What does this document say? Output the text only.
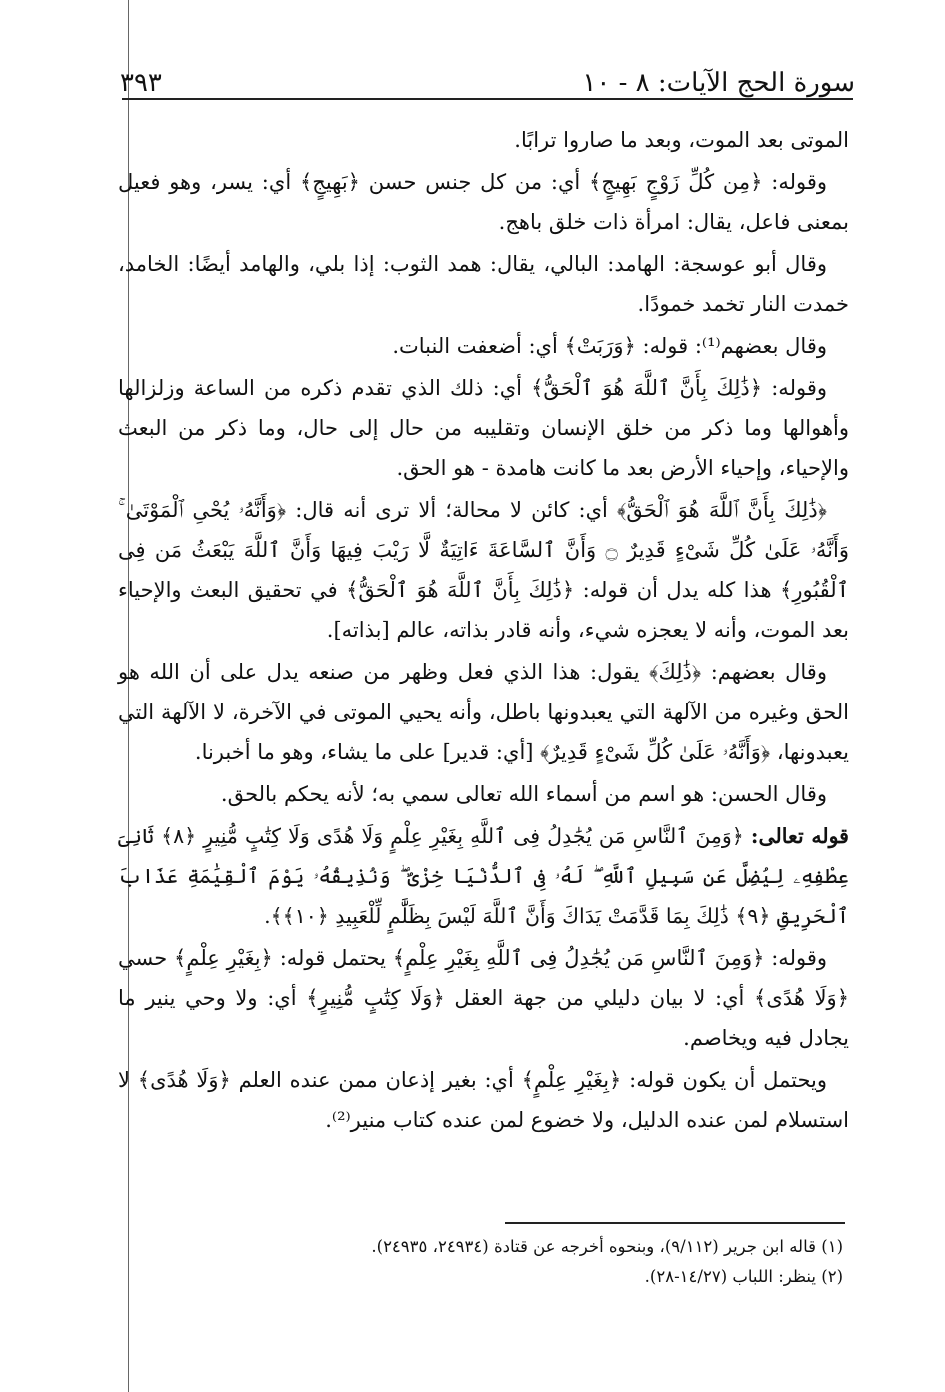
سورة الحج الآيات: ٨ - ١٠
٣٩٣

الموتى بعد الموت، وبعد ما صاروا ترابًا.

وقوله: ﴿مِن كُلِّ زَوْجٍ بَهِيجٍ﴾ أي: من كل جنس حسن ﴿بَهِيجٍ﴾ أي: يسر، وهو فعيل بمعنى فاعل، يقال: امرأة ذات خلق باهج.

وقال أبو عوسجة: الهامد: البالي، يقال: همد الثوب: إذا بلي، والهامد أيضًا: الخامد، خمدت النار تخمد خمودًا.

وقال بعضهم⁽¹⁾: قوله: ﴿وَرَبَتْ﴾ أي: أضعفت النبات.

وقوله: ﴿ذَٰلِكَ بِأَنَّ ٱللَّهَ هُوَ ٱلْحَقُّ﴾ أي: ذلك الذي تقدم ذكره من الساعة وزلزالها وأهوالها وما ذكر من خلق الإنسان وتقليبه من حال إلى حال، وما ذكر من البعث والإحياء، وإحياء الأرض بعد ما كانت هامدة - هو الحق.

﴿ذَٰلِكَ بِأَنَّ ٱللَّهَ هُوَ ٱلْحَقُّ﴾ أي: كائن لا محالة؛ ألا ترى أنه قال: ﴿وَأَنَّهُۥ يُحْىِ ٱلْمَوْتَىٰ ۚ وَأَنَّهُۥ عَلَىٰ كُلِّ شَىْءٍ قَدِيرٌ ۝ وَأَنَّ ٱلسَّاعَةَ ءَاتِيَةٌ لَّا رَيْبَ فِيهَا وَأَنَّ ٱللَّهَ يَبْعَثُ مَن فِى ٱلْقُبُورِ﴾ هذا كله يدل أن قوله: ﴿ذَٰلِكَ بِأَنَّ ٱللَّهَ هُوَ ٱلْحَقُّ﴾ في تحقيق البعث والإحياء بعد الموت، وأنه لا يعجزه شيء، وأنه قادر بذاته، عالم [بذاته].

وقال بعضهم: ﴿ذَٰلِكَ﴾ يقول: هذا الذي فعل وظهر من صنعه يدل على أن الله هو الحق وغيره من الآلهة التي يعبدونها باطل، وأنه يحيي الموتى في الآخرة، لا الآلهة التي يعبدونها، ﴿وَأَنَّهُۥ عَلَىٰ كُلِّ شَىْءٍ قَدِيرٌ﴾ [أي: قدير] على ما يشاء، وهو ما أخبرنا.

وقال الحسن: هو اسم من أسماء الله تعالى سمي به؛ لأنه يحكم بالحق.

قوله تعالى: ﴿وَمِنَ ٱلنَّاسِ مَن يُجَٰدِلُ فِى ٱللَّهِ بِغَيْرِ عِلْمٍ وَلَا هُدًى وَلَا كِتَٰبٍ مُّنِيرٍ ﴿٨﴾ ثَانِىَ عِطْفِهِۦ لِيُضِلَّ عَن سَبِيلِ ٱللَّهِ ۖ لَهُۥ فِى ٱلدُّنْيَا خِزْىٌ ۖ وَنُذِيقُهُۥ يَوْمَ ٱلْقِيَٰمَةِ عَذَابَ ٱلْحَرِيقِ ﴿٩﴾ ذَٰلِكَ بِمَا قَدَّمَتْ يَدَاكَ وَأَنَّ ٱللَّهَ لَيْسَ بِظَلَّٰمٍ لِّلْعَبِيدِ ﴿١٠﴾﴾.

وقوله: ﴿وَمِنَ ٱلنَّاسِ مَن يُجَٰدِلُ فِى ٱللَّهِ بِغَيْرِ عِلْمٍ﴾ يحتمل قوله: ﴿بِغَيْرِ عِلْمٍ﴾ حسي ﴿وَلَا هُدًى﴾ أي: لا بيان دليلي من جهة العقل ﴿وَلَا كِتَٰبٍ مُّنِيرٍ﴾ أي: ولا وحي ينير ما يجادل فيه ويخاصم.

ويحتمل أن يكون قوله: ﴿بِغَيْرِ عِلْمٍ﴾ أي: بغير إذعان ممن عنده العلم ﴿وَلَا هُدًى﴾ لا استسلام لمن عنده الدليل، ولا خضوع لمن عنده كتاب منير⁽²⁾.

(١) قاله ابن جرير (٩/١١٢)، وبنحوه أخرجه عن قتادة (٢٤٩٣٤، ٢٤٩٣٥).

(٢) ينظر: اللباب (١٤/٢٧-٢٨).
